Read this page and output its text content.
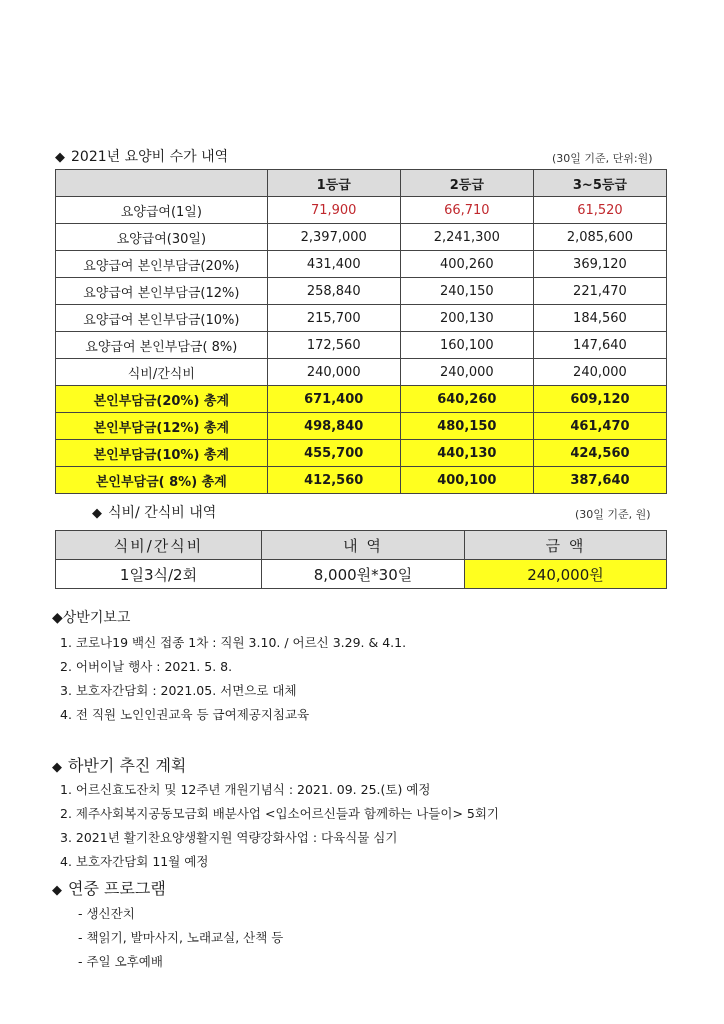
◆ 2021년 요양비 수가 내역	(30일 기준, 단위:원)
	1등급	2등급	3~5등급
요양급여(1일)	71,900	66,710	61,520
요양급여(30일)	2,397,000	2,241,300	2,085,600
요양급여 본인부담금(20%)	431,400	400,260	369,120
요양급여 본인부담금(12%)	258,840	240,150	221,470
요양급여 본인부담금(10%)	215,700	200,130	184,560
요양급여 본인부담금( 8%)	172,560	160,100	147,640
식비/간식비	240,000	240,000	240,000
본인부담금(20%) 총계	671,400	640,260	609,120
본인부담금(12%) 총계	498,840	480,150	461,470
본인부담금(10%) 총계	455,700	440,130	424,560
본인부담금( 8%) 총계	412,560	400,100	387,640
◆ 식비/ 간식비 내역	(30일 기준, 원)
식비/간식비	내 역	금 액
1일3식/2회	8,000원*30일	240,000원
◆상반기보고
1. 코로나19 백신 접종 1차 : 직원 3.10. / 어르신 3.29. & 4.1.
2. 어버이날 행사 : 2021. 5. 8.
3. 보호자간담회 : 2021.05. 서면으로 대체
4. 전 직원 노인인권교육 등 급여제공지침교육
◆ 하반기 추진 계획
1. 어르신효도잔치 및 12주년 개원기념식 : 2021. 09. 25.(토) 예정
2. 제주사회복지공동모금회 배분사업 <입소어르신들과 함께하는 나들이> 5회기
3. 2021년 활기찬요양생활지원 역량강화사업 : 다육식물 심기
4. 보호자간담회 11월 예정
◆ 연중 프로그램
- 생신잔치
- 책읽기, 발마사지, 노래교실, 산책 등
- 주일 오후예배
